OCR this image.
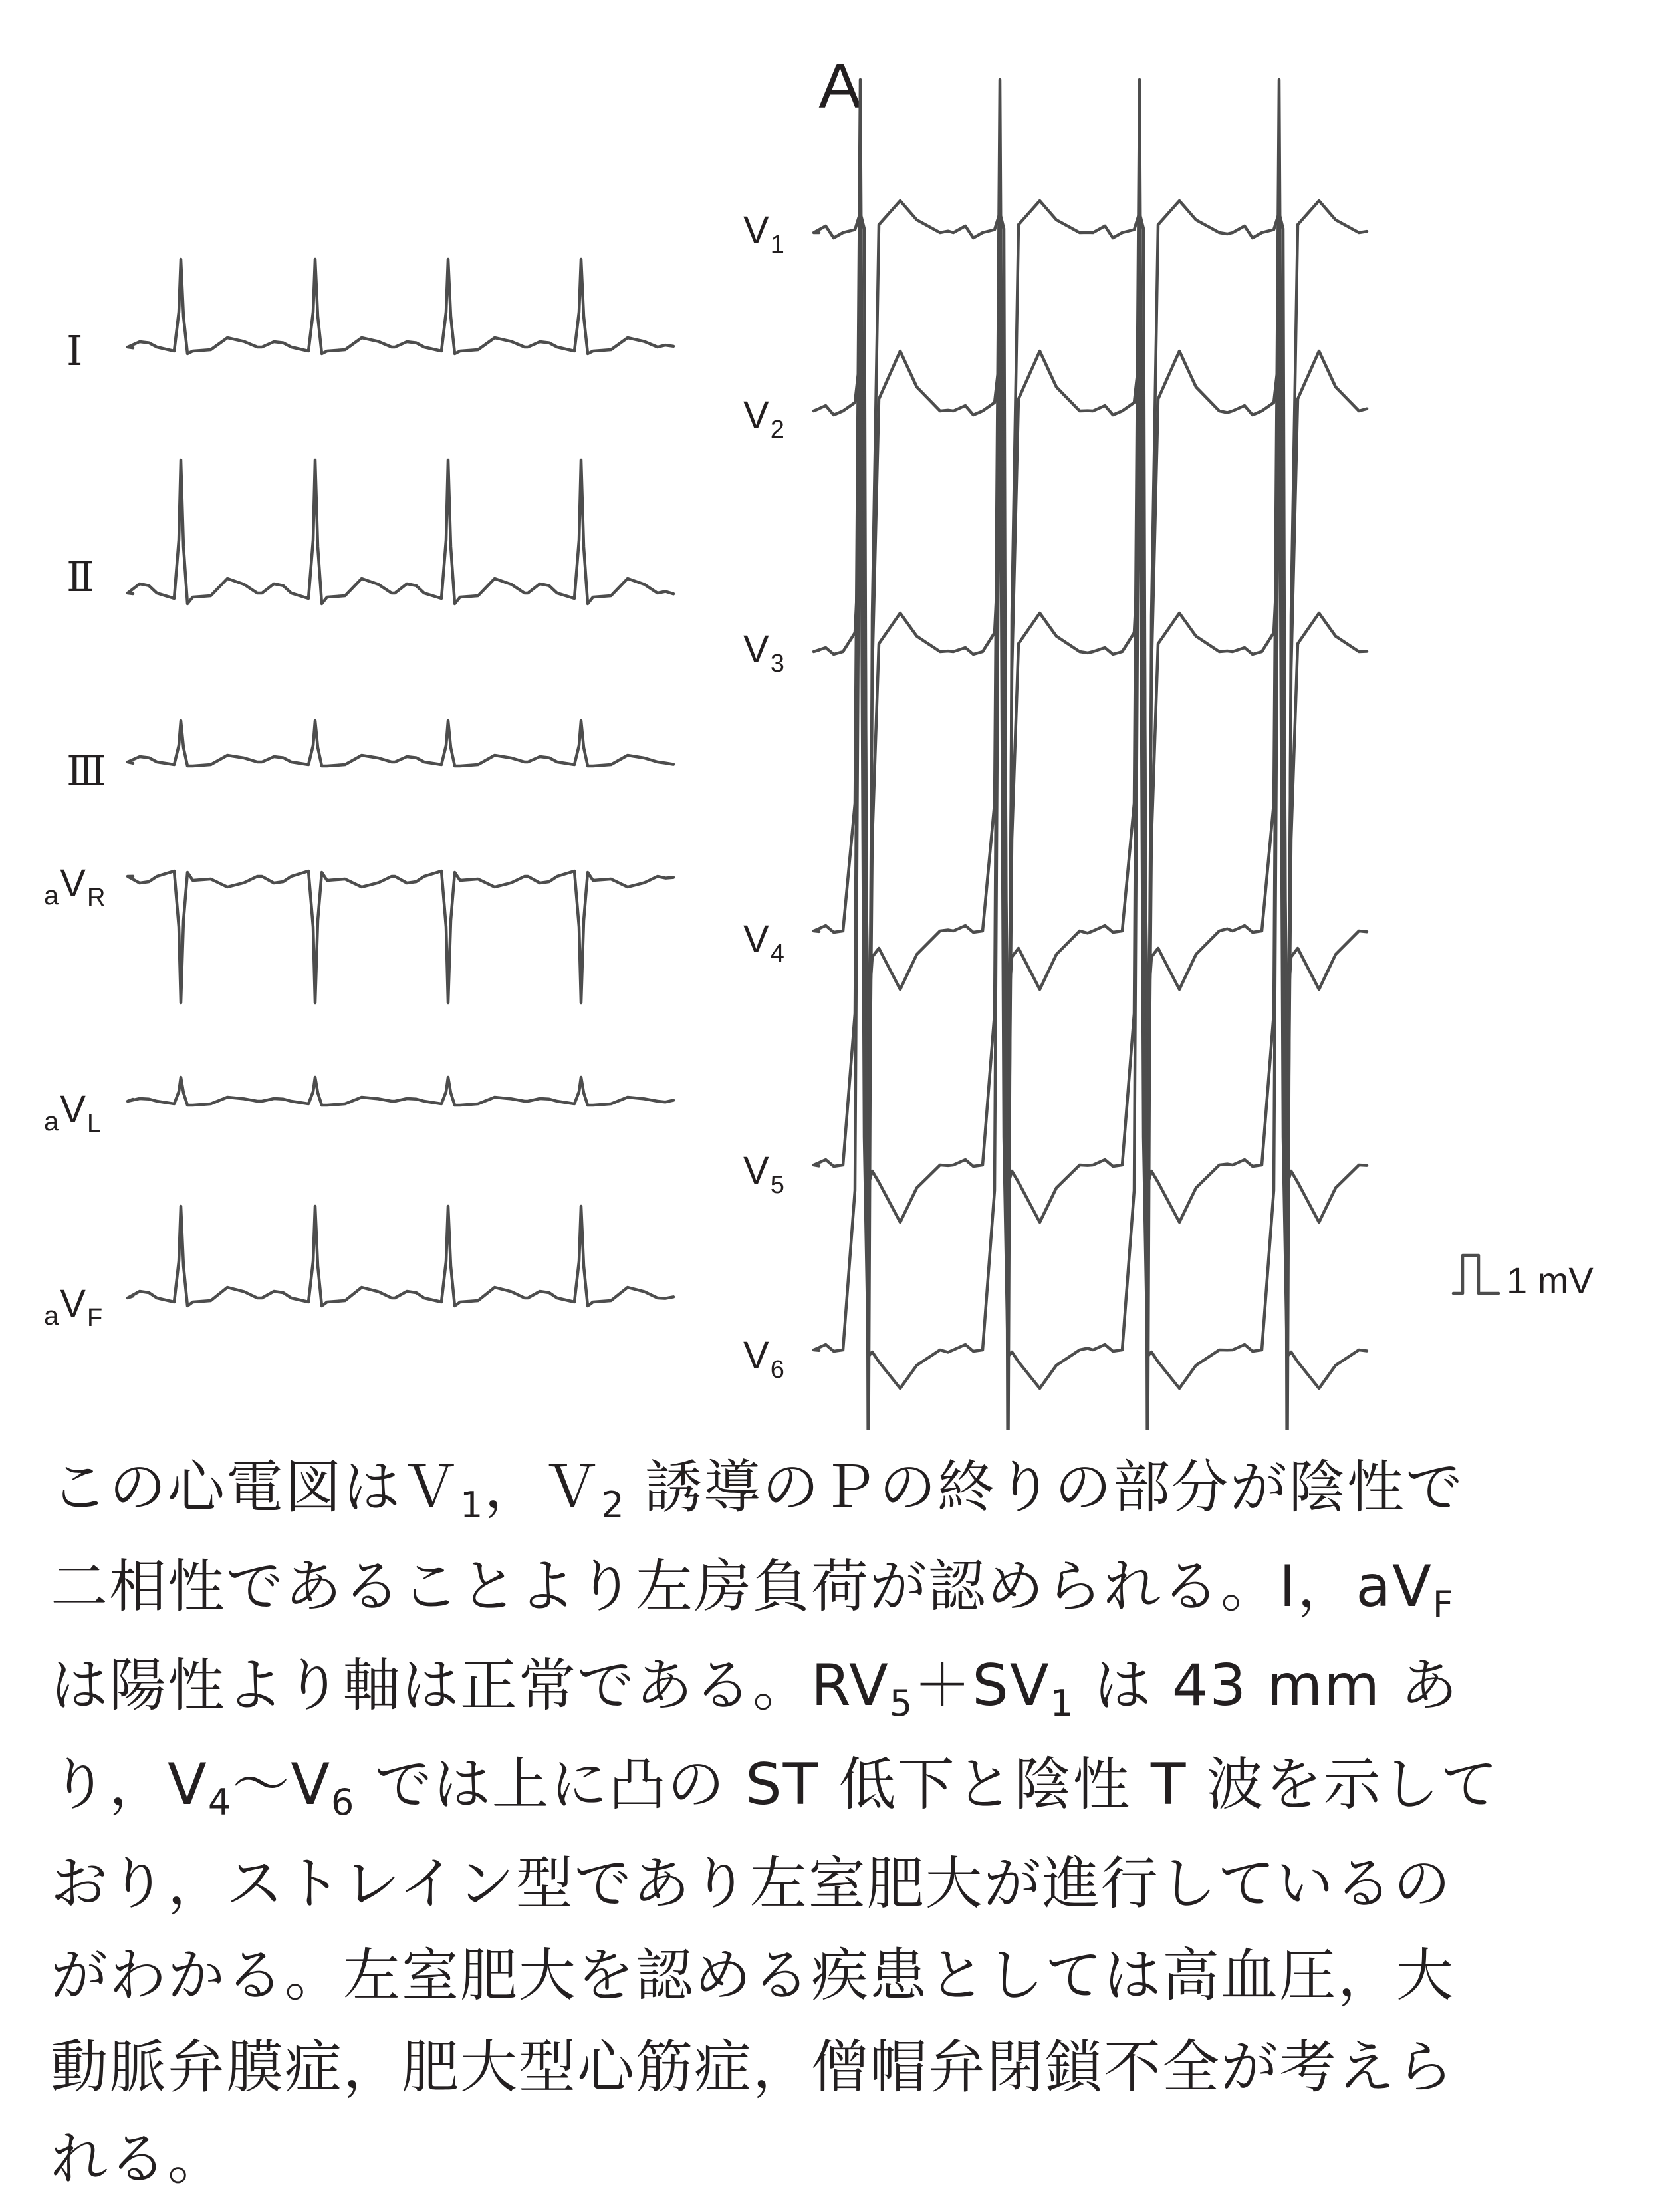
A
Ⅰ
Ⅱ
Ⅲ
$_aV_R$
$_aV_L$
$_aV_F$
$V_1$
$V_2$
$V_3$
$V_4$
$V_5$
$V_6$
1 mV

この心電図はＶ1，Ｖ2 誘導のＰの終りの部分が陰性で
二相性であることより左房負荷が認められる。Ⅰ，aVF
は陽性より軸は正常である。RV5＋SV1 は 43 mm あ
り，V4〜V6 では上に凸の ST 低下と陰性 T 波を示して
おり，ストレイン型であり左室肥大が進行しているの
がわかる。左室肥大を認める疾患としては高血圧，大
動脈弁膜症，肥大型心筋症，僧帽弁閉鎖不全が考えら
れる。
